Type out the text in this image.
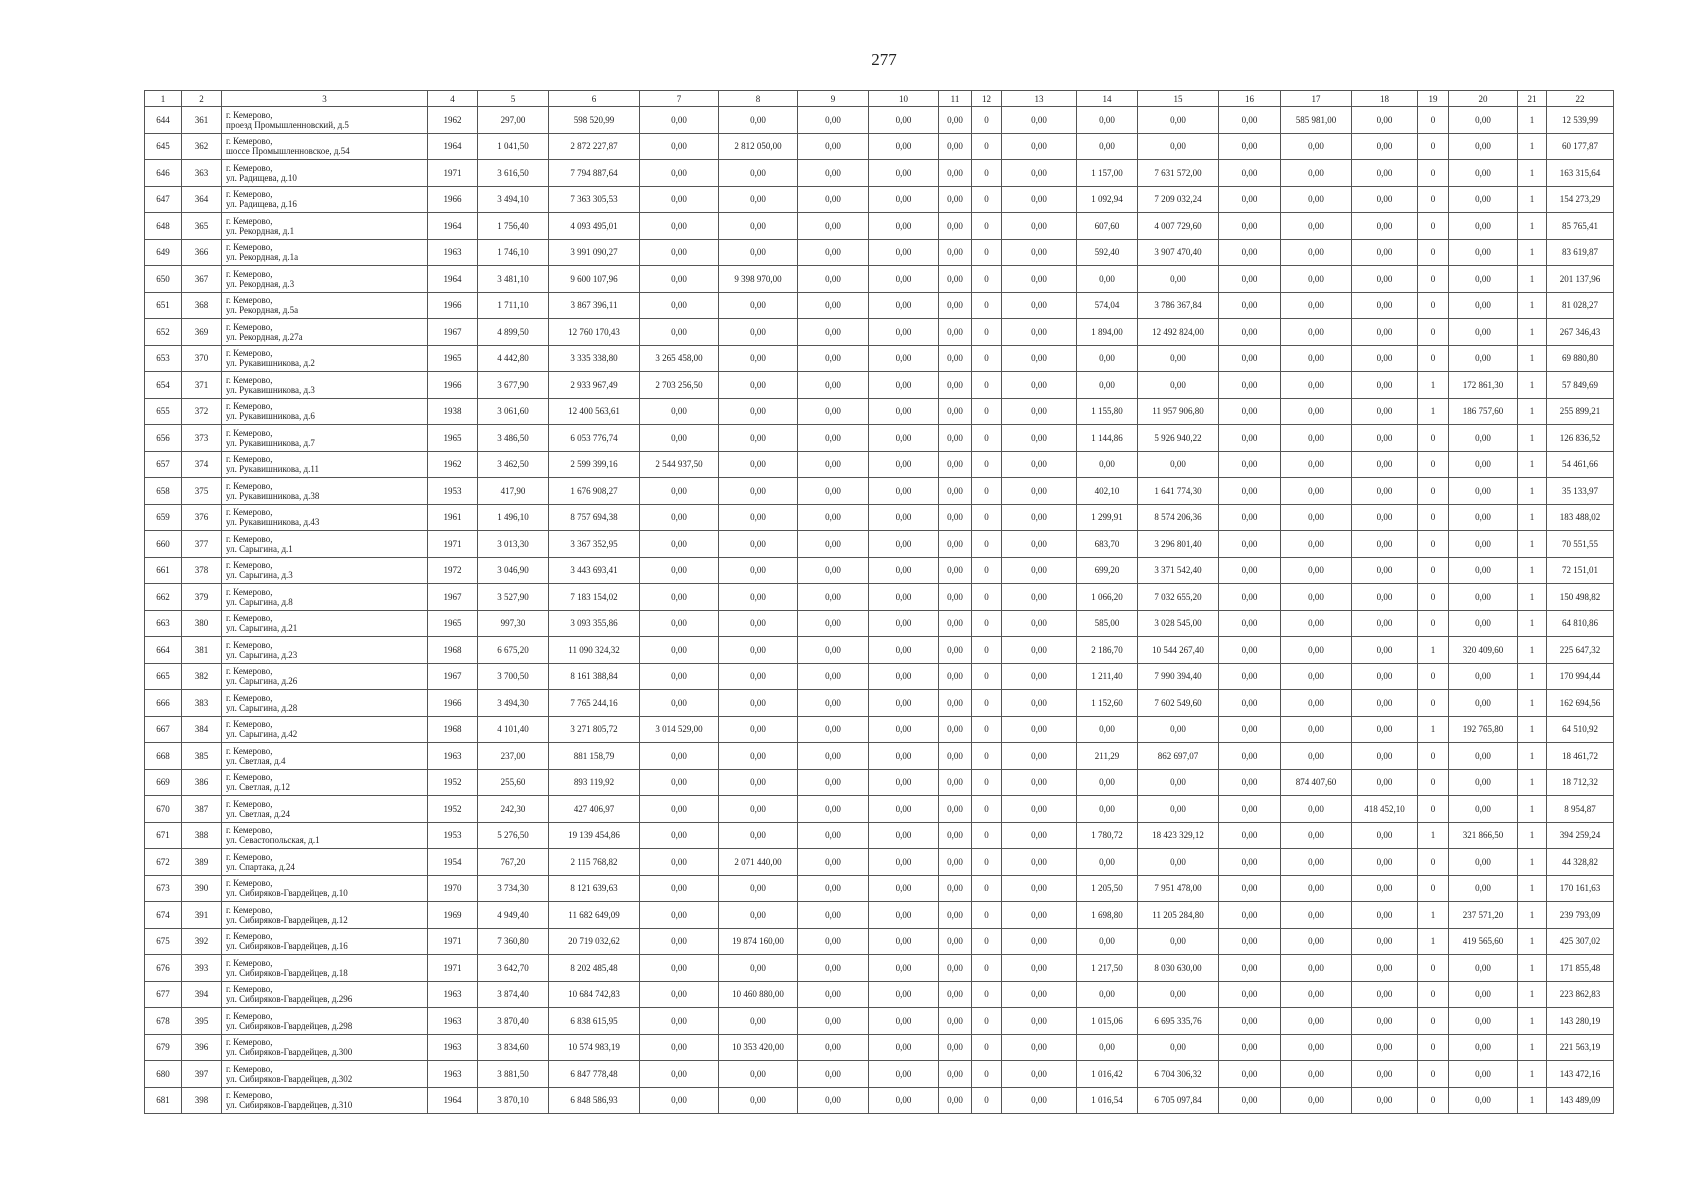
277
1	2	3	4	5	6	7	8	9	10	11	12	13	14	15	16	17	18	19	20	21	22
644	361	г. Кемерово,
проезд Промышленновский, д.5	1962	297,00	598 520,99	0,00	0,00	0,00	0,00	0,00	0	0,00	0,00	0,00	0,00	585 981,00	0,00	0	0,00	1	12 539,99
645	362	г. Кемерово,
шоссе Промышленновское, д.54	1964	1 041,50	2 872 227,87	0,00	2 812 050,00	0,00	0,00	0,00	0	0,00	0,00	0,00	0,00	0,00	0,00	0	0,00	1	60 177,87
646	363	г. Кемерово,
ул. Радищева, д.10	1971	3 616,50	7 794 887,64	0,00	0,00	0,00	0,00	0,00	0	0,00	1 157,00	7 631 572,00	0,00	0,00	0,00	0	0,00	1	163 315,64
647	364	г. Кемерово,
ул. Радищева, д.16	1966	3 494,10	7 363 305,53	0,00	0,00	0,00	0,00	0,00	0	0,00	1 092,94	7 209 032,24	0,00	0,00	0,00	0	0,00	1	154 273,29
648	365	г. Кемерово,
ул. Рекордная, д.1	1964	1 756,40	4 093 495,01	0,00	0,00	0,00	0,00	0,00	0	0,00	607,60	4 007 729,60	0,00	0,00	0,00	0	0,00	1	85 765,41
649	366	г. Кемерово,
ул. Рекордная, д.1а	1963	1 746,10	3 991 090,27	0,00	0,00	0,00	0,00	0,00	0	0,00	592,40	3 907 470,40	0,00	0,00	0,00	0	0,00	1	83 619,87
650	367	г. Кемерово,
ул. Рекордная, д.3	1964	3 481,10	9 600 107,96	0,00	9 398 970,00	0,00	0,00	0,00	0	0,00	0,00	0,00	0,00	0,00	0,00	0	0,00	1	201 137,96
651	368	г. Кемерово,
ул. Рекордная, д.5а	1966	1 711,10	3 867 396,11	0,00	0,00	0,00	0,00	0,00	0	0,00	574,04	3 786 367,84	0,00	0,00	0,00	0	0,00	1	81 028,27
652	369	г. Кемерово,
ул. Рекордная, д.27а	1967	4 899,50	12 760 170,43	0,00	0,00	0,00	0,00	0,00	0	0,00	1 894,00	12 492 824,00	0,00	0,00	0,00	0	0,00	1	267 346,43
653	370	г. Кемерово,
ул. Рукавишникова, д.2	1965	4 442,80	3 335 338,80	3 265 458,00	0,00	0,00	0,00	0,00	0	0,00	0,00	0,00	0,00	0,00	0,00	0	0,00	1	69 880,80
654	371	г. Кемерово,
ул. Рукавишникова, д.3	1966	3 677,90	2 933 967,49	2 703 256,50	0,00	0,00	0,00	0,00	0	0,00	0,00	0,00	0,00	0,00	0,00	1	172 861,30	1	57 849,69
655	372	г. Кемерово,
ул. Рукавишникова, д.6	1938	3 061,60	12 400 563,61	0,00	0,00	0,00	0,00	0,00	0	0,00	1 155,80	11 957 906,80	0,00	0,00	0,00	1	186 757,60	1	255 899,21
656	373	г. Кемерово,
ул. Рукавишникова, д.7	1965	3 486,50	6 053 776,74	0,00	0,00	0,00	0,00	0,00	0	0,00	1 144,86	5 926 940,22	0,00	0,00	0,00	0	0,00	1	126 836,52
657	374	г. Кемерово,
ул. Рукавишникова, д.11	1962	3 462,50	2 599 399,16	2 544 937,50	0,00	0,00	0,00	0,00	0	0,00	0,00	0,00	0,00	0,00	0,00	0	0,00	1	54 461,66
658	375	г. Кемерово,
ул. Рукавишникова, д.38	1953	417,90	1 676 908,27	0,00	0,00	0,00	0,00	0,00	0	0,00	402,10	1 641 774,30	0,00	0,00	0,00	0	0,00	1	35 133,97
659	376	г. Кемерово,
ул. Рукавишникова, д.43	1961	1 496,10	8 757 694,38	0,00	0,00	0,00	0,00	0,00	0	0,00	1 299,91	8 574 206,36	0,00	0,00	0,00	0	0,00	1	183 488,02
660	377	г. Кемерово,
ул. Сарыгина, д.1	1971	3 013,30	3 367 352,95	0,00	0,00	0,00	0,00	0,00	0	0,00	683,70	3 296 801,40	0,00	0,00	0,00	0	0,00	1	70 551,55
661	378	г. Кемерово,
ул. Сарыгина, д.3	1972	3 046,90	3 443 693,41	0,00	0,00	0,00	0,00	0,00	0	0,00	699,20	3 371 542,40	0,00	0,00	0,00	0	0,00	1	72 151,01
662	379	г. Кемерово,
ул. Сарыгина, д.8	1967	3 527,90	7 183 154,02	0,00	0,00	0,00	0,00	0,00	0	0,00	1 066,20	7 032 655,20	0,00	0,00	0,00	0	0,00	1	150 498,82
663	380	г. Кемерово,
ул. Сарыгина, д.21	1965	997,30	3 093 355,86	0,00	0,00	0,00	0,00	0,00	0	0,00	585,00	3 028 545,00	0,00	0,00	0,00	0	0,00	1	64 810,86
664	381	г. Кемерово,
ул. Сарыгина, д.23	1968	6 675,20	11 090 324,32	0,00	0,00	0,00	0,00	0,00	0	0,00	2 186,70	10 544 267,40	0,00	0,00	0,00	1	320 409,60	1	225 647,32
665	382	г. Кемерово,
ул. Сарыгина, д.26	1967	3 700,50	8 161 388,84	0,00	0,00	0,00	0,00	0,00	0	0,00	1 211,40	7 990 394,40	0,00	0,00	0,00	0	0,00	1	170 994,44
666	383	г. Кемерово,
ул. Сарыгина, д.28	1966	3 494,30	7 765 244,16	0,00	0,00	0,00	0,00	0,00	0	0,00	1 152,60	7 602 549,60	0,00	0,00	0,00	0	0,00	1	162 694,56
667	384	г. Кемерово,
ул. Сарыгина, д.42	1968	4 101,40	3 271 805,72	3 014 529,00	0,00	0,00	0,00	0,00	0	0,00	0,00	0,00	0,00	0,00	0,00	1	192 765,80	1	64 510,92
668	385	г. Кемерово,
ул. Светлая, д.4	1963	237,00	881 158,79	0,00	0,00	0,00	0,00	0,00	0	0,00	211,29	862 697,07	0,00	0,00	0,00	0	0,00	1	18 461,72
669	386	г. Кемерово,
ул. Светлая, д.12	1952	255,60	893 119,92	0,00	0,00	0,00	0,00	0,00	0	0,00	0,00	0,00	0,00	874 407,60	0,00	0	0,00	1	18 712,32
670	387	г. Кемерово,
ул. Светлая, д.24	1952	242,30	427 406,97	0,00	0,00	0,00	0,00	0,00	0	0,00	0,00	0,00	0,00	0,00	418 452,10	0	0,00	1	8 954,87
671	388	г. Кемерово,
ул. Севастопольская, д.1	1953	5 276,50	19 139 454,86	0,00	0,00	0,00	0,00	0,00	0	0,00	1 780,72	18 423 329,12	0,00	0,00	0,00	1	321 866,50	1	394 259,24
672	389	г. Кемерово,
ул. Спартака, д.24	1954	767,20	2 115 768,82	0,00	2 071 440,00	0,00	0,00	0,00	0	0,00	0,00	0,00	0,00	0,00	0,00	0	0,00	1	44 328,82
673	390	г. Кемерово,
ул. Сибиряков-Гвардейцев, д.10	1970	3 734,30	8 121 639,63	0,00	0,00	0,00	0,00	0,00	0	0,00	1 205,50	7 951 478,00	0,00	0,00	0,00	0	0,00	1	170 161,63
674	391	г. Кемерово,
ул. Сибиряков-Гвардейцев, д.12	1969	4 949,40	11 682 649,09	0,00	0,00	0,00	0,00	0,00	0	0,00	1 698,80	11 205 284,80	0,00	0,00	0,00	1	237 571,20	1	239 793,09
675	392	г. Кемерово,
ул. Сибиряков-Гвардейцев, д.16	1971	7 360,80	20 719 032,62	0,00	19 874 160,00	0,00	0,00	0,00	0	0,00	0,00	0,00	0,00	0,00	0,00	1	419 565,60	1	425 307,02
676	393	г. Кемерово,
ул. Сибиряков-Гвардейцев, д.18	1971	3 642,70	8 202 485,48	0,00	0,00	0,00	0,00	0,00	0	0,00	1 217,50	8 030 630,00	0,00	0,00	0,00	0	0,00	1	171 855,48
677	394	г. Кемерово,
ул. Сибиряков-Гвардейцев, д.296	1963	3 874,40	10 684 742,83	0,00	10 460 880,00	0,00	0,00	0,00	0	0,00	0,00	0,00	0,00	0,00	0,00	0	0,00	1	223 862,83
678	395	г. Кемерово,
ул. Сибиряков-Гвардейцев, д.298	1963	3 870,40	6 838 615,95	0,00	0,00	0,00	0,00	0,00	0	0,00	1 015,06	6 695 335,76	0,00	0,00	0,00	0	0,00	1	143 280,19
679	396	г. Кемерово,
ул. Сибиряков-Гвардейцев, д.300	1963	3 834,60	10 574 983,19	0,00	10 353 420,00	0,00	0,00	0,00	0	0,00	0,00	0,00	0,00	0,00	0,00	0	0,00	1	221 563,19
680	397	г. Кемерово,
ул. Сибиряков-Гвардейцев, д.302	1963	3 881,50	6 847 778,48	0,00	0,00	0,00	0,00	0,00	0	0,00	1 016,42	6 704 306,32	0,00	0,00	0,00	0	0,00	1	143 472,16
681	398	г. Кемерово,
ул. Сибиряков-Гвардейцев, д.310	1964	3 870,10	6 848 586,93	0,00	0,00	0,00	0,00	0,00	0	0,00	1 016,54	6 705 097,84	0,00	0,00	0,00	0	0,00	1	143 489,09
